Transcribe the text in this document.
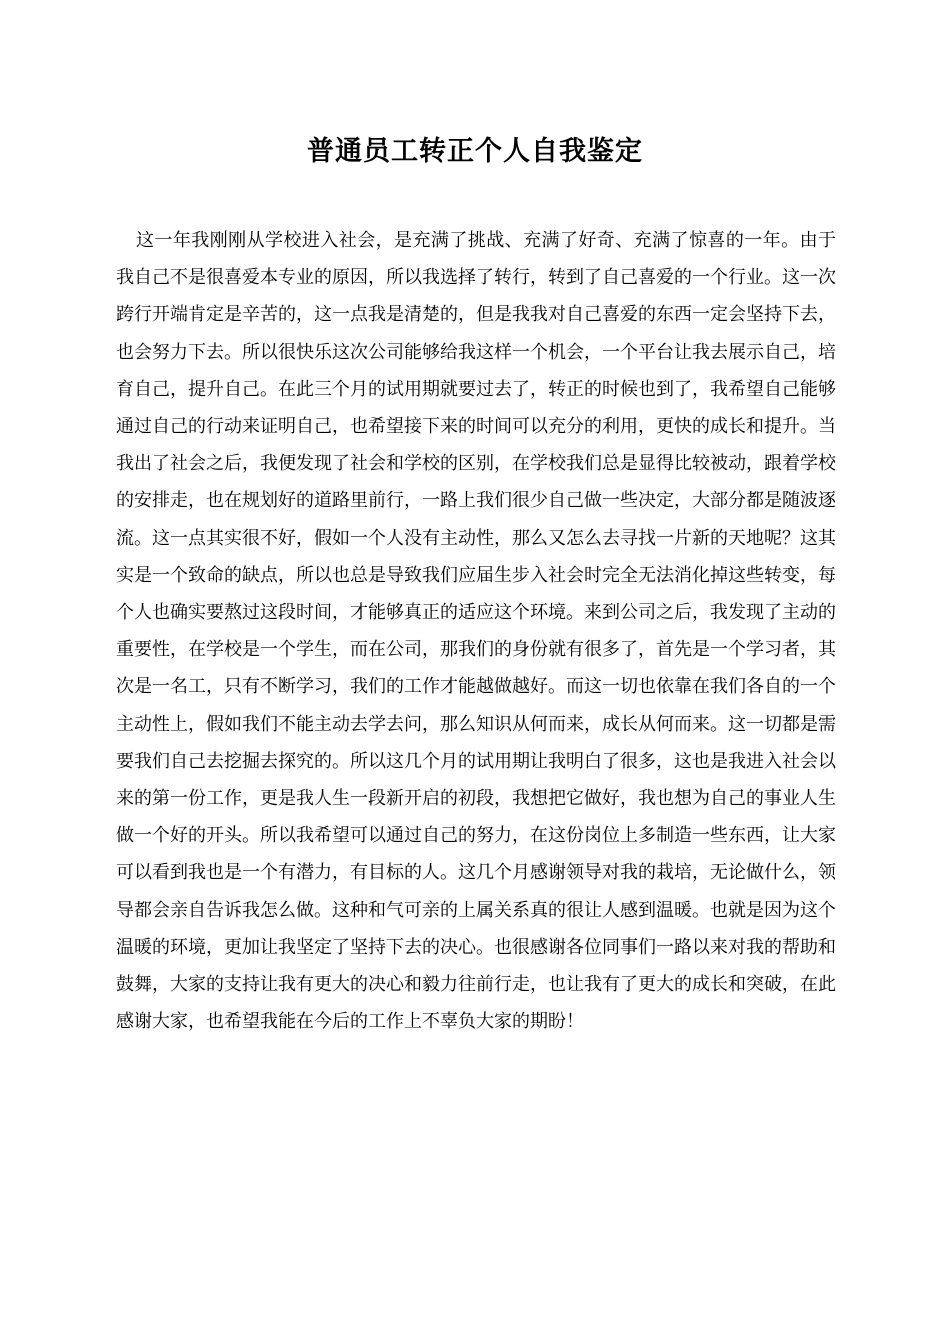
普通员工转正个人自我鉴定

这一年我刚刚从学校进入社会，是充满了挑战、充满了好奇、充满了惊喜的一年。由于我自己不是很喜爱本专业的原因，所以我选择了转行，转到了自己喜爱的一个行业。这一次跨行开端肯定是辛苦的，这一点我是清楚的，但是我我对自己喜爱的东西一定会坚持下去，也会努力下去。所以很快乐这次公司能够给我这样一个机会，一个平台让我去展示自己，培育自己，提升自己。在此三个月的试用期就要过去了，转正的时候也到了，我希望自己能够通过自己的行动来证明自己，也希望接下来的时间可以充分的利用，更快的成长和提升。当我出了社会之后，我便发现了社会和学校的区别，在学校我们总是显得比较被动，跟着学校的安排走，也在规划好的道路里前行，一路上我们很少自己做一些决定，大部分都是随波逐流。这一点其实很不好，假如一个人没有主动性，那么又怎么去寻找一片新的天地呢？这其实是一个致命的缺点，所以也总是导致我们应届生步入社会时完全无法消化掉这些转变，每个人也确实要熬过这段时间，才能够真正的适应这个环境。来到公司之后，我发现了主动的重要性，在学校是一个学生，而在公司，那我们的身份就有很多了，首先是一个学习者，其次是一名工，只有不断学习，我们的工作才能越做越好。而这一切也依靠在我们各自的一个主动性上，假如我们不能主动去学去问，那么知识从何而来，成长从何而来。这一切都是需要我们自己去挖掘去探究的。所以这几个月的试用期让我明白了很多，这也是我进入社会以来的第一份工作，更是我人生一段新开启的初段，我想把它做好，我也想为自己的事业人生做一个好的开头。所以我希望可以通过自己的努力，在这份岗位上多制造一些东西，让大家可以看到我也是一个有潜力，有目标的人。这几个月感谢领导对我的栽培，无论做什么，领导都会亲自告诉我怎么做。这种和气可亲的上属关系真的很让人感到温暖。也就是因为这个温暖的环境，更加让我坚定了坚持下去的决心。也很感谢各位同事们一路以来对我的帮助和鼓舞，大家的支持让我有更大的决心和毅力往前行走，也让我有了更大的成长和突破，在此感谢大家，也希望我能在今后的工作上不辜负大家的期盼！
